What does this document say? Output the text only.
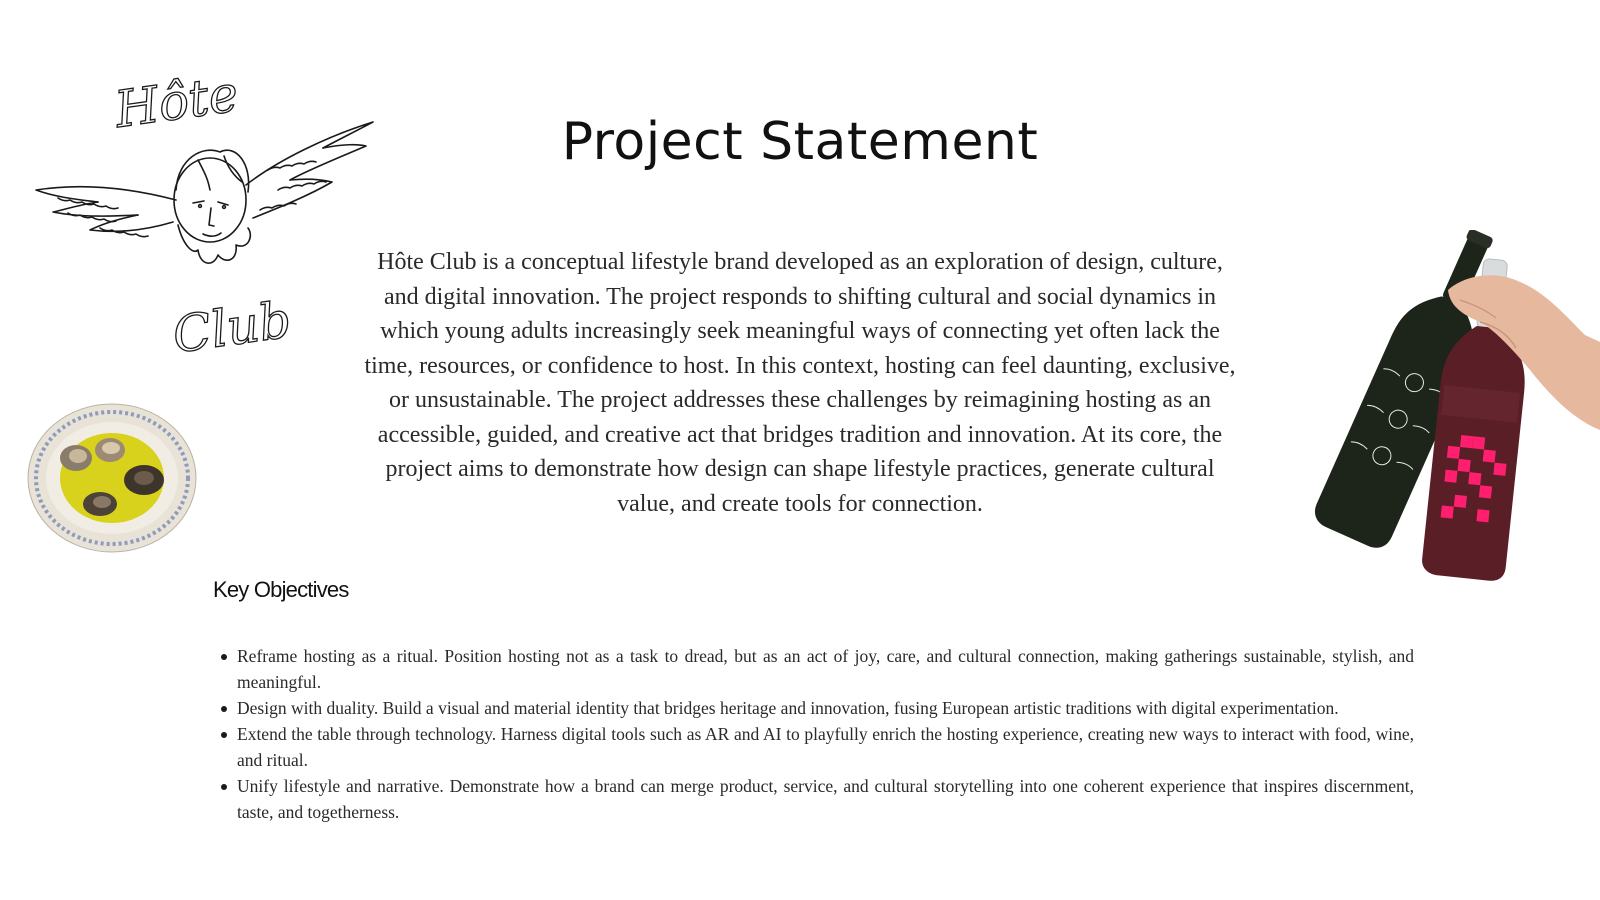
Hôte
Club
Project Statement

Hôte Club is a conceptual lifestyle brand developed as an exploration of design, culture, and digital innovation. The project responds to shifting cultural and social dynamics in which young adults increasingly seek meaningful ways of connecting yet often lack the time, resources, or confidence to host. In this context, hosting can feel daunting, exclusive, or unsustainable. The project addresses these challenges by reimagining hosting as an accessible, guided, and creative act that bridges tradition and innovation. At its core, the project aims to demonstrate how design can shape lifestyle practices, generate cultural value, and create tools for connection.

Key Objectives
Reframe hosting as a ritual. Position hosting not as a task to dread, but as an act of joy, care, and cultural connection, making gatherings sustainable, stylish, and meaningful.
Design with duality. Build a visual and material identity that bridges heritage and innovation, fusing European artistic traditions with digital experimentation.
Extend the table through technology. Harness digital tools such as AR and AI to playfully enrich the hosting experience, creating new ways to interact with food, wine, and ritual.
Unify lifestyle and narrative. Demonstrate how a brand can merge product, service, and cultural storytelling into one coherent experience that inspires discernment, taste, and togetherness.
